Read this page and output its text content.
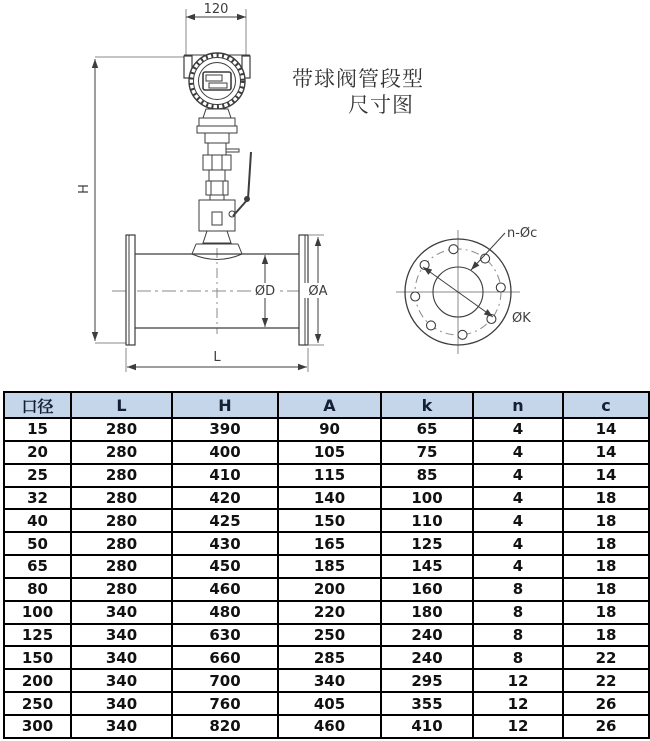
120
H
ØD	ØA
L
n-Øc
ØK
带球阀管段型
尺寸图
口径	L	H	A	k	n	c
15	280	390	90	65	4	14
20	280	400	105	75	4	14
25	280	410	115	85	4	14
32	280	420	140	100	4	18
40	280	425	150	110	4	18
50	280	430	165	125	4	18
65	280	450	185	145	4	18
80	280	460	200	160	8	18
100	340	480	220	180	8	18
125	340	630	250	240	8	18
150	340	660	285	240	8	22
200	340	700	340	295	12	22
250	340	760	405	355	12	26
300	340	820	460	410	12	26
